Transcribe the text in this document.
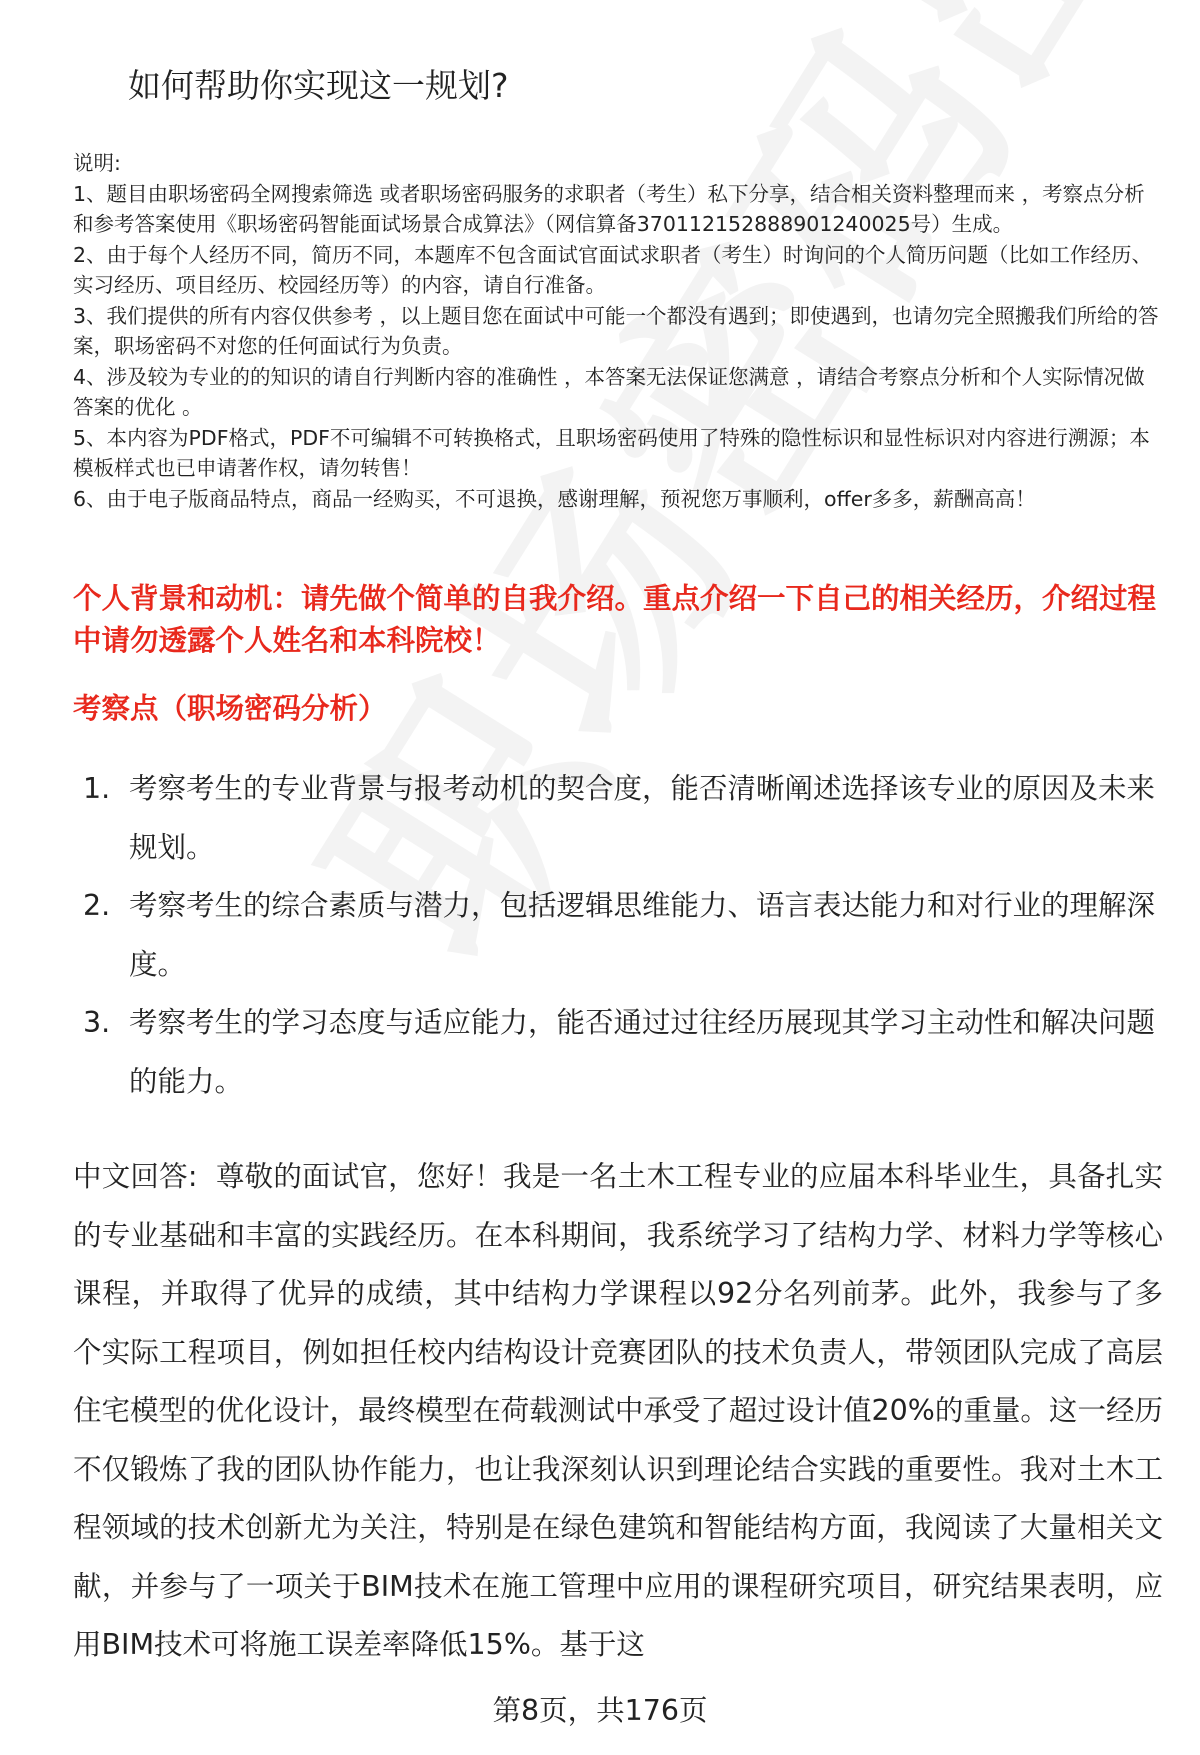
如何帮助你实现这一规划?

说明:

1、题目由职场密码全网搜索筛选 或者职场密码服务的求职者（考生）私下分享，结合相关资料整理而来 ，考察点分析和参考答案使用《职场密码智能面试场景合成算法》（网信算备370112152888901240025号）生成。

2、由于每个人经历不同，简历不同，本题库不包含面试官面试求职者（考生）时询问的个人简历问题（比如工作经历、实习经历、项目经历、校园经历等）的内容，请自行准备。

3、我们提供的所有内容仅供参考 ，以上题目您在面试中可能一个都没有遇到；即使遇到，也请勿完全照搬我们所给的答案，职场密码不对您的任何面试行为负责。

4、涉及较为专业的的知识的请自行判断内容的准确性 ，本答案无法保证您满意 ，请结合考察点分析和个人实际情况做答案的优化 。

5、本内容为PDF格式，PDF不可编辑不可转换格式，且职场密码使用了特殊的隐性标识和显性标识对内容进行溯源；本模板样式也已申请著作权，请勿转售！

6、由于电子版商品特点，商品一经购买，不可退换，感谢理解，预祝您万事顺利，offer多多，薪酬高高！

个人背景和动机：请先做个简单的自我介绍。重点介绍一下自己的相关经历，介绍过程中请勿透露个人姓名和本科院校！
考察点（职场密码分析）
1. 考察考生的专业背景与报考动机的契合度，能否清晰阐述选择该专业的原因及未来规划。
2. 考察考生的综合素质与潜力，包括逻辑思维能力、语言表达能力和对行业的理解深度。
3. 考察考生的学习态度与适应能力，能否通过过往经历展现其学习主动性和解决问题的能力。
中文回答: 尊敬的面试官，您好！我是一名土木工程专业的应届本科毕业生，具备扎实的专业基础和丰富的实践经历。在本科期间，我系统学习了结构力学、材料力学等核心课程，并取得了优异的成绩，其中结构力学课程以92分名列前茅。此外，我参与了多个实际工程项目，例如担任校内结构设计竞赛团队的技术负责人，带领团队完成了高层住宅模型的优化设计，最终模型在荷载测试中承受了超过设计值20%的重量。这一经历不仅锻炼了我的团队协作能力，也让我深刻认识到理论结合实践的重要性。我对土木工程领域的技术创新尤为关注，特别是在绿色建筑和智能结构方面，我阅读了大量相关文献，并参与了一项关于BIM技术在施工管理中应用的课程研究项目，研究结果表明，应用BIM技术可将施工误差率降低15%。基于这
第8页，共176页
